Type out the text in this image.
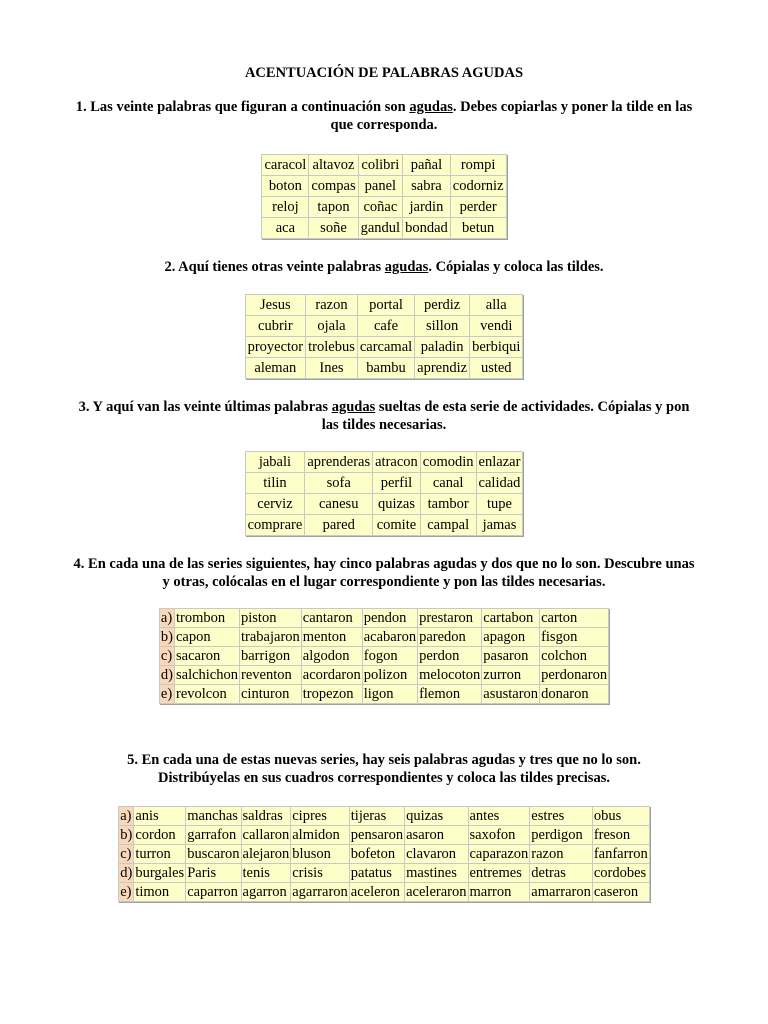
ACENTUACIÓN DE PALABRAS AGUDAS

1. Las veinte palabras que figuran a continuación son agudas. Debes copiarlas y poner la tilde en las que corresponda.

caracol	altavoz	colibri	pañal	rompi
boton	compas	panel	sabra	codorniz
reloj	tapon	coñac	jardin	perder
aca	soñe	gandul	bondad	betun

2. Aquí tienes otras veinte palabras agudas. Cópialas y coloca las tildes.

Jesus	razon	portal	perdiz	alla
cubrir	ojala	cafe	sillon	vendi
proyector	trolebus	carcamal	paladin	berbiqui
aleman	Ines	bambu	aprendiz	usted

3. Y aquí van las veinte últimas palabras agudas sueltas de esta serie de actividades. Cópialas y pon las tildes necesarias.

jabali	aprenderas	atracon	comodin	enlazar
tilin	sofa	perfil	canal	calidad
cerviz	canesu	quizas	tambor	tupe
comprare	pared	comite	campal	jamas

4. En cada una de las series siguientes, hay cinco palabras agudas y dos que no lo son. Descubre unas y otras, colócalas en el lugar correspondiente y pon las tildes necesarias.

a)	trombon	piston	cantaron	pendon	prestaron	cartabon	carton
b)	capon	trabajaron	menton	acabaron	paredon	apagon	fisgon
c)	sacaron	barrigon	algodon	fogon	perdon	pasaron	colchon
d)	salchichon	reventon	acordaron	polizon	melocoton	zurron	perdonaron
e)	revolcon	cinturon	tropezon	ligon	flemon	asustaron	donaron

5. En cada una de estas nuevas series, hay seis palabras agudas y tres que no lo son. Distribúyelas en sus cuadros correspondientes y coloca las tildes precisas.

a)	anis	manchas	saldras	cipres	tijeras	quizas	antes	estres	obus
b)	cordon	garrafon	callaron	almidon	pensaron	asaron	saxofon	perdigon	freson
c)	turron	buscaron	alejaron	bluson	bofeton	clavaron	caparazon	razon	fanfarron
d)	burgales	Paris	tenis	crisis	patatus	mastines	entremes	detras	cordobes
e)	timon	caparron	agarron	agarraron	aceleron	aceleraron	marron	amarraron	caseron
